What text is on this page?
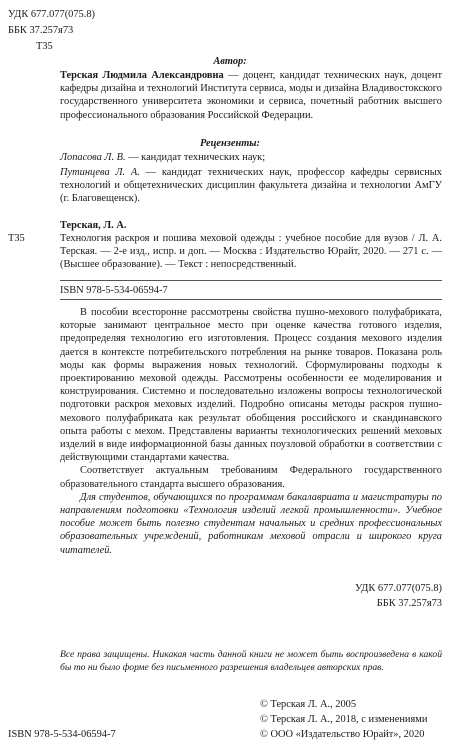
УДК 677.077(075.8)
ББК 37.257я73
Т35
Автор:

Терская Людмила Александровна — доцент, кандидат технических наук, доцент кафедры дизайна и технологий Института сервиса, моды и дизайна Владивостокского государственного университета экономики и сервиса, почетный работник высшего профессионального образования Российской Федерации.

Рецензенты:

Лопасова Л. В. — кандидат технических наук;

Путинцева Л. А. — кандидат технических наук, профессор кафедры сервисных технологий и общетехнических дисциплин факультета дизайна и технологии АмГУ (г. Благовещенск).

Терская, Л. А.
Т35	Технология раскроя и пошива меховой одежды : учебное пособие для вузов / Л. А. Терская. — 2-е изд., испр. и доп. — Москва : Издательство Юрайт, 2020. — 271 с. — (Высшее образование). — Текст : непосредственный.

ISBN 978-5-534-06594-7

В пособии всесторонне рассмотрены свойства пушно-мехового полуфабриката, которые занимают центральное место при оценке качества готового изделия, предопределяя технологию его изготовления. Процесс создания мехового изделия дается в контексте потребительского потребления на рынке товаров. Показана роль моды как формы выражения новых технологий. Сформулированы подходы к проектированию меховой одежды. Рассмотрены особенности ее моделирования и конструирования. Системно и последовательно изложены вопросы технологической подготовки раскроя меховых изделий. Подробно описаны методы раскроя пушно-мехового полуфабриката как результат обобщения российского и скандинавского опыта работы с мехом. Представлены варианты технологических решений меховых изделий в виде информационной базы данных поузловой обработки в соответствии с действующими стандартами качества.

Соответствует актуальным требованиям Федерального государственного образовательного стандарта высшего образования.

Для студентов, обучающихся по программам бакалавриата и магистратуры по направлениям подготовки «Технология изделий легкой промышленности». Учебное пособие может быть полезно студентам начальных и средних профессиональных образовательных учреждений, работникам меховой отрасли и широкого круга читателей.

УДК 677.077(075.8)
ББК 37.257я73

Все права защищены. Никакая часть данной книги не может быть воспроизведена в какой бы то ни было форме без письменного разрешения владельцев авторских прав.

ISBN 978-5-534-06594-7
© Терская Л. А., 2005
© Терская Л. А., 2018, с изменениями
© ООО «Издательство Юрайт», 2020
